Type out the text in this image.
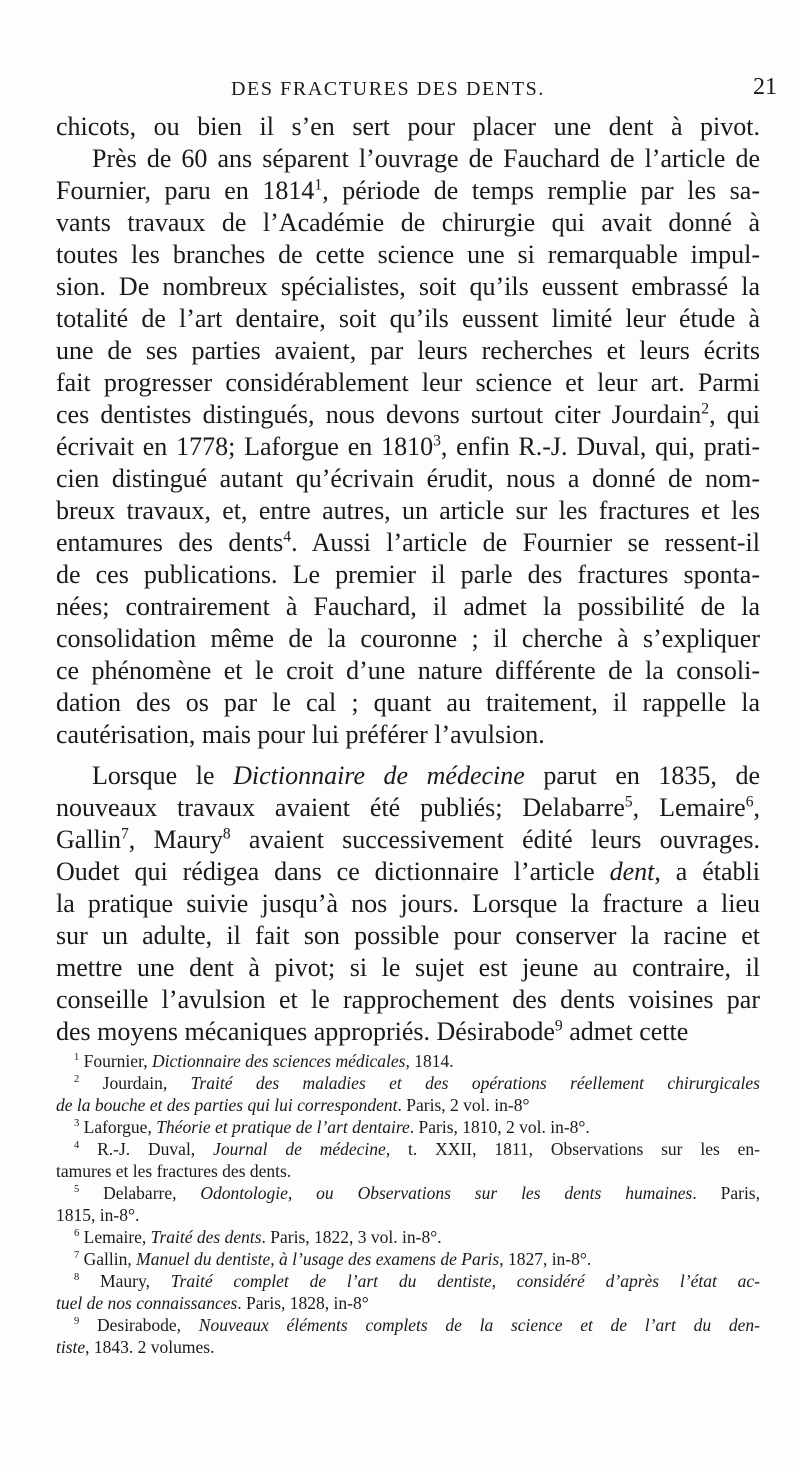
DES FRACTURES DES DENTS.	21
chicots, ou bien il s’en sert pour placer une dent à pivot.
Près de 60 ans séparent l’ouvrage de Fauchard de l’article de
Fournier, paru en 1814$^1$, période de temps remplie par les sa-
vants travaux de l’Académie de chirurgie qui avait donné à
toutes les branches de cette science une si remarquable impul-
sion. De nombreux spécialistes, soit qu’ils eussent embrassé la
totalité de l’art dentaire, soit qu’ils eussent limité leur étude à
une de ses parties avaient, par leurs recherches et leurs écrits
fait progresser considérablement leur science et leur art. Parmi
ces dentistes distingués, nous devons surtout citer Jourdain$^2$, qui
écrivait en 1778; Laforgue en 1810$^3$, enfin R.-J. Duval, qui, prati-
cien distingué autant qu’écrivain érudit, nous a donné de nom-
breux travaux, et, entre autres, un article sur les fractures et les
entamures des dents$^4$. Aussi l’article de Fournier se ressent-il
de ces publications. Le premier il parle des fractures sponta-
nées; contrairement à Fauchard, il admet la possibilité de la
consolidation même de la couronne ; il cherche à s’expliquer
ce phénomène et le croit d’une nature différente de la consoli-
dation des os par le cal ; quant au traitement, il rappelle la
cautérisation, mais pour lui préférer l’avulsion.
Lorsque le Dictionnaire de médecine parut en 1835, de
nouveaux travaux avaient été publiés; Delabarre$^5$, Lemaire$^6$,
Gallin$^7$, Maury$^8$ avaient successivement édité leurs ouvrages.
Oudet qui rédigea dans ce dictionnaire l’article dent, a établi
la pratique suivie jusqu’à nos jours. Lorsque la fracture a lieu
sur un adulte, il fait son possible pour conserver la racine et
mettre une dent à pivot; si le sujet est jeune au contraire, il
conseille l’avulsion et le rapprochement des dents voisines par
des moyens mécaniques appropriés. Désirabode$^9$ admet cette
$^1$ Fournier, Dictionnaire des sciences médicales, 1814.
$^2$ Jourdain, Traité des maladies et des opérations réellement chirurgicales
de la bouche et des parties qui lui correspondent. Paris, 2 vol. in-8°
$^3$ Laforgue, Théorie et pratique de l’art dentaire. Paris, 1810, 2 vol. in-8°.
$^4$ R.-J. Duval, Journal de médecine, t. XXII, 1811, Observations sur les en-
tamures et les fractures des dents.
$^5$ Delabarre, Odontologie, ou Observations sur les dents humaines. Paris,
1815, in-8°.
$^6$ Lemaire, Traité des dents. Paris, 1822, 3 vol. in-8°.
$^7$ Gallin, Manuel du dentiste, à l’usage des examens de Paris, 1827, in-8°.
$^8$ Maury, Traité complet de l’art du dentiste, considéré d’après l’état ac-
tuel de nos connaissances. Paris, 1828, in-8°
$^9$ Desirabode, Nouveaux éléments complets de la science et de l’art du den-
tiste, 1843. 2 volumes.
